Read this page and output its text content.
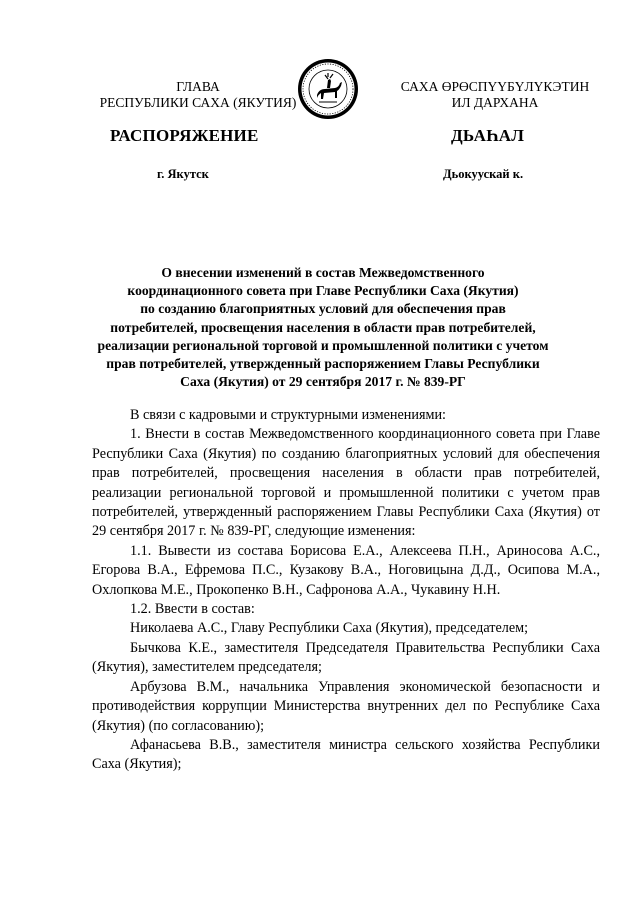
ГЛАВА
РЕСПУБЛИКИ САХА (ЯКУТИЯ)
САХА ӨРӨСПҮҮБҮЛҮКЭТИН
ИЛ ДАРХАНА
РАСПОРЯЖЕНИЕ	ДЬАҺАЛ
г. Якутск	Дьокуускай к.
О внесении изменений в состав Межведомственного
координационного совета при Главе Республики Саха (Якутия)
по созданию благоприятных условий для обеспечения прав
потребителей, просвещения населения в области прав потребителей,
реализации региональной торговой и промышленной политики с учетом
прав потребителей, утвержденный распоряжением Главы Республики
Саха (Якутия) от 29 сентября 2017 г. № 839-РГ

В связи с кадровыми и структурными изменениями:

1. Внести в состав Межведомственного координационного совета при Главе Республики Саха (Якутия) по созданию благоприятных условий для обеспечения прав потребителей, просвещения населения в области прав потребителей, реализации региональной торговой и промышленной политики с учетом прав потребителей, утвержденный распоряжением Главы Республики Саха (Якутия) от 29 сентября 2017 г. № 839-РГ, следующие изменения:

1.1. Вывести из состава Борисова Е.А., Алексеева П.Н., Ариносова А.С., Егорова В.А., Ефремова П.С., Кузакову В.А., Ноговицына Д.Д., Осипова М.А., Охлопкова М.Е., Прокопенко В.Н., Сафронова А.А., Чукавину Н.Н.

1.2. Ввести в состав:

Николаева А.С., Главу Республики Саха (Якутия), председателем;

Бычкова К.Е., заместителя Председателя Правительства Республики Саха (Якутия), заместителем председателя;

Арбузова В.М., начальника Управления экономической безопасности и противодействия коррупции Министерства внутренних дел по Республике Саха (Якутия) (по согласованию);

Афанасьева В.В., заместителя министра сельского хозяйства Республики Саха (Якутия);
